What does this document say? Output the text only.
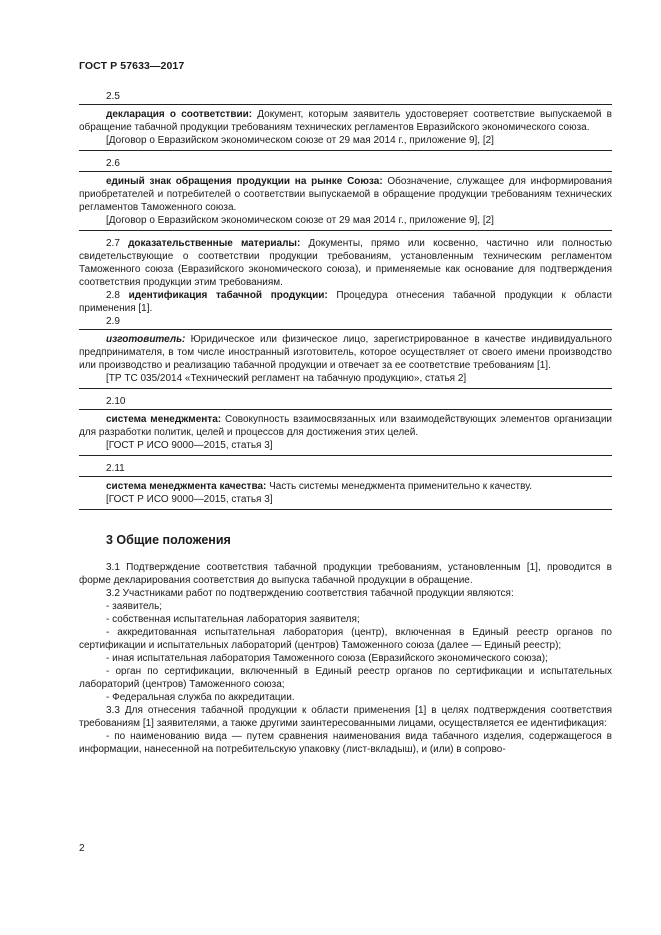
ГОСТ Р 57633—2017
2.5

декларация о соответствии: Документ, которым заявитель удостоверяет соответствие выпускаемой в обращение табачной продукции требованиям технических регламентов Евразийского экономического союза.

[Договор о Евразийском экономическом союзе от 29 мая 2014 г., приложение 9], [2]

2.6

единый знак обращения продукции на рынке Союза: Обозначение, служащее для информирования приобретателей и потребителей о соответствии выпускаемой в обращение продукции требованиям технических регламентов Таможенного союза.

[Договор о Евразийском экономическом союзе от 29 мая 2014 г., приложение 9], [2]

2.7 доказательственные материалы: Документы, прямо или косвенно, частично или полностью свидетельствующие о соответствии продукции требованиям, установленным техническим регламентом Таможенного союза (Евразийского экономического союза), и применяемые как основание для подтверждения соответствия продукции этим требованиям.

2.8 идентификация табачной продукции: Процедура отнесения табачной продукции к области применения [1].

2.9

изготовитель: Юридическое или физическое лицо, зарегистрированное в качестве индивидуального предпринимателя, в том числе иностранный изготовитель, которое осуществляет от своего имени производство или производство и реализацию табачной продукции и отвечает за ее соответствие требованиям [1].

[ТР ТС 035/2014 «Технический регламент на табачную продукцию», статья 2]

2.10

система менеджмента: Совокупность взаимосвязанных или взаимодействующих элементов организации для разработки политик, целей и процессов для достижения этих целей.

[ГОСТ Р ИСО 9000—2015, статья 3]

2.11

система менеджмента качества: Часть системы менеджмента применительно к качеству.

[ГОСТ Р ИСО 9000—2015, статья 3]

3 Общие положения

3.1 Подтверждение соответствия табачной продукции требованиям, установленным [1], проводится в форме декларирования соответствия до выпуска табачной продукции в обращение.

3.2 Участниками работ по подтверждению соответствия табачной продукции являются:

- заявитель;

- собственная испытательная лаборатория заявителя;

- аккредитованная испытательная лаборатория (центр), включенная в Единый реестр органов по сертификации и испытательных лабораторий (центров) Таможенного союза (далее — Единый реестр);

- иная испытательная лаборатория Таможенного союза (Евразийского экономического союза);

- орган по сертификации, включенный в Единый реестр органов по сертификации и испытательных лабораторий (центров) Таможенного союза;

- Федеральная служба по аккредитации.

3.3 Для отнесения табачной продукции к области применения [1] в целях подтверждения соответствия требованиям [1] заявителями, а также другими заинтересованными лицами, осуществляется ее идентификация:

- по наименованию вида — путем сравнения наименования вида табачного изделия, содержащегося в информации, нанесенной на потребительскую упаковку (лист-вкладыш), и (или) в сопрово-

2
